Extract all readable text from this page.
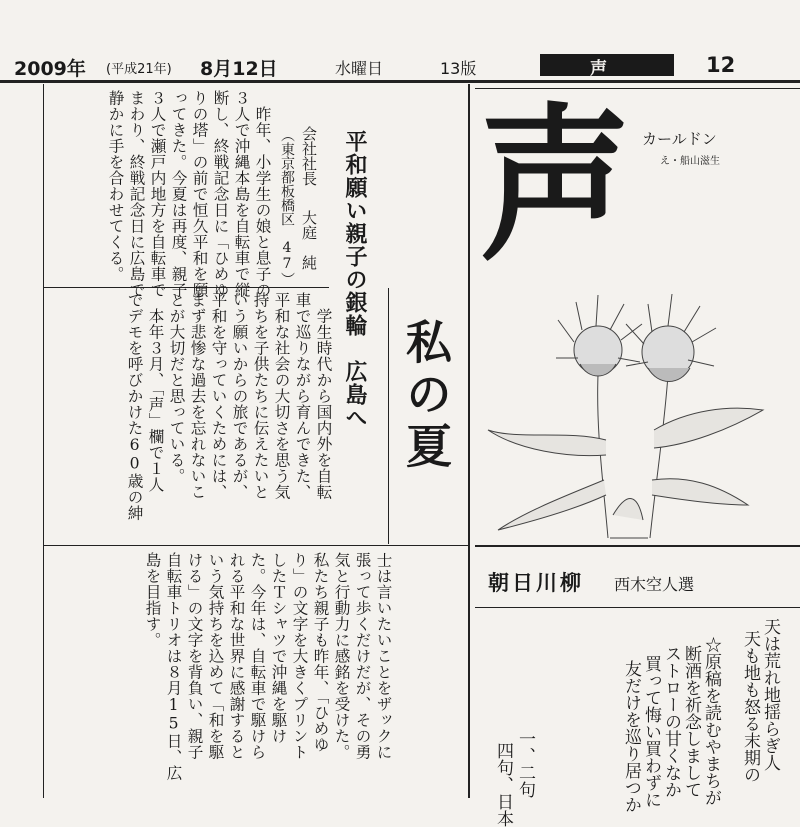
2009年 (平成21年) 8月12日	水曜日	13版	声	12
声 カールドン
え・船山滋生
朝日川柳 西木空人選
天は荒れ地揺らぎ人
天も地も怒る末期の
☆原稿を読むやまちが
断酒を祈念しまして
ストローの甘くなか
買って悔い買わずに
友だけを巡り居つか
一、二句
四句、日本
私の夏
平和願い親子の銀輪　広島へ
会社社長
大庭　純
（東京都板橋区　47）
　昨年、小学生の娘と息子の
３人で沖縄本島を自転車で縦
断し、終戦記念日に「ひめゆ
りの塔」の前で恒久平和を願
ってきた。今夏は再度、親子
３人で瀬戸内地方を自転車で
まわり、終戦記念日に広島で
静かに手を合わせてくる。
　学生時代から国内外を自転
車で巡りながら育んできた、
平和な社会の大切さを思う気
持ちを子供たちに伝えたいと
いう願いからの旅であるが、
平和を守っていくためには、
まず悲惨な過去を忘れないこ
とが大切だと思っている。
　本年３月、「声」欄で１人
でデモを呼びかけた60歳の紳
士は言いたいことをザックに
張って歩くだけだが、その勇
気と行動力に感銘を受けた。
私たち親子も昨年、「ひめゆ
り」の文字を大きくプリント
したＴシャツで沖縄を駆け
た。今年は、自転車で駆けら
れる平和な世界に感謝すると
いう気持ちを込めて「和を駆
ける」の文字を背負い、親子
自転車トリオは８月15日、広
島を目指す。
